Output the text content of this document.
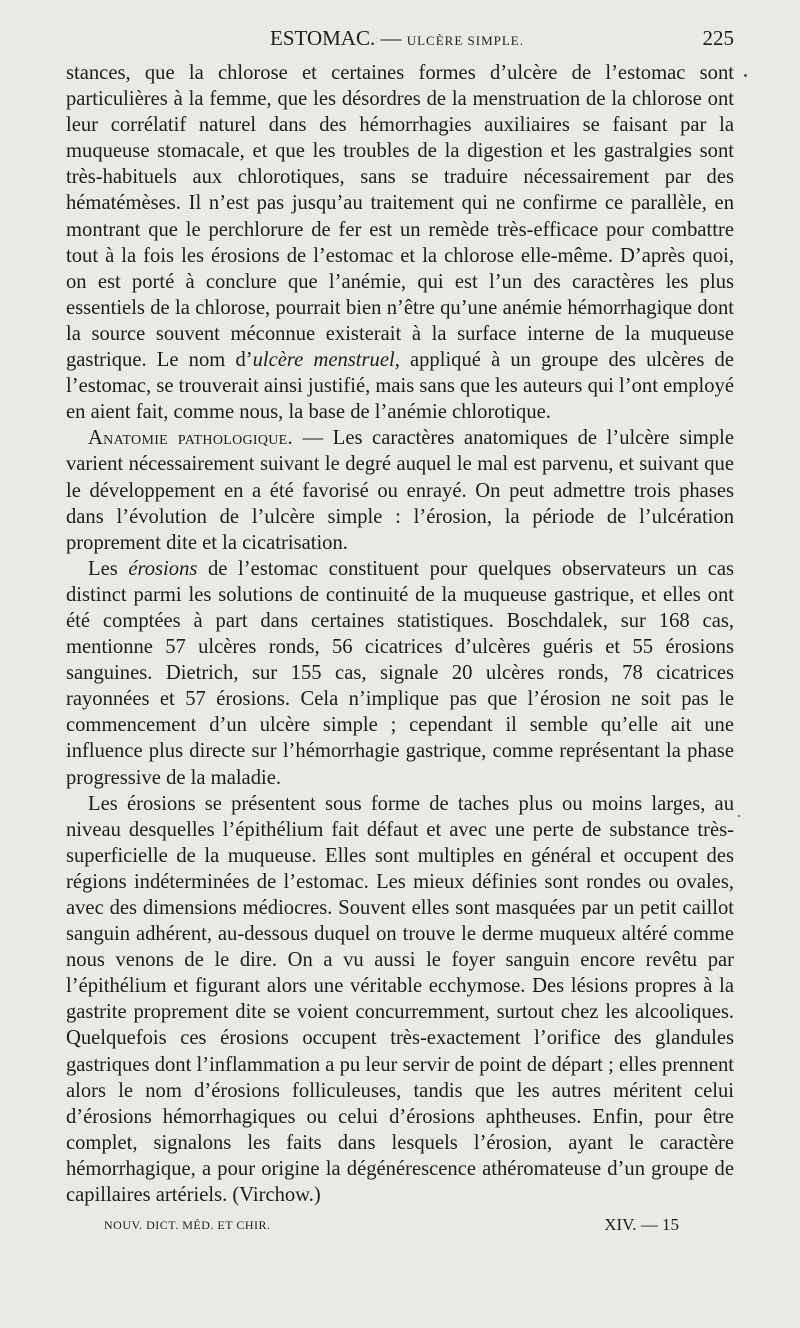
ESTOMAC. — ULCÈRE SIMPLE.	225

stances, que la chlorose et certaines formes d’ulcère de l’estomac sont particulières à la femme, que les désordres de la menstruation de la chlorose ont leur corrélatif naturel dans des hémorrhagies auxiliaires se faisant par la muqueuse stomacale, et que les troubles de la digestion et les gastralgies sont très-habituels aux chlorotiques, sans se traduire nécessairement par des hématémèses. Il n’est pas jusqu’au traitement qui ne confirme ce parallèle, en montrant que le perchlorure de fer est un remède très-efficace pour combattre tout à la fois les érosions de l’estomac et la chlorose elle-même. D’après quoi, on est porté à conclure que l’anémie, qui est l’un des caractères les plus essentiels de la chlorose, pourrait bien n’être qu’une anémie hémorrhagique dont la source souvent méconnue existerait à la surface interne de la muqueuse gastrique. Le nom d’ulcère menstruel, appliqué à un groupe des ulcères de l’estomac, se trouverait ainsi justifié, mais sans que les auteurs qui l’ont employé en aient fait, comme nous, la base de l’anémie chlorotique.

Anatomie pathologique. — Les caractères anatomiques de l’ulcère simple varient nécessairement suivant le degré auquel le mal est parvenu, et suivant que le développement en a été favorisé ou enrayé. On peut admettre trois phases dans l’évolution de l’ulcère simple : l’érosion, la période de l’ulcération proprement dite et la cicatrisation.

Les érosions de l’estomac constituent pour quelques observateurs un cas distinct parmi les solutions de continuité de la muqueuse gastrique, et elles ont été comptées à part dans certaines statistiques. Boschdalek, sur 168 cas, mentionne 57 ulcères ronds, 56 cicatrices d’ulcères guéris et 55 érosions sanguines. Dietrich, sur 155 cas, signale 20 ulcères ronds, 78 cicatrices rayonnées et 57 érosions. Cela n’implique pas que l’érosion ne soit pas le commencement d’un ulcère simple ; cependant il semble qu’elle ait une influence plus directe sur l’hémorrhagie gastrique, comme représentant la phase progressive de la maladie.

Les érosions se présentent sous forme de taches plus ou moins larges, au niveau desquelles l’épithélium fait défaut et avec une perte de substance très-superficielle de la muqueuse. Elles sont multiples en général et occupent des régions indéterminées de l’estomac. Les mieux définies sont rondes ou ovales, avec des dimensions médiocres. Souvent elles sont masquées par un petit caillot sanguin adhérent, au-dessous duquel on trouve le derme muqueux altéré comme nous venons de le dire. On a vu aussi le foyer sanguin encore revêtu par l’épithélium et figurant alors une véritable ecchymose. Des lésions propres à la gastrite proprement dite se voient concurremment, surtout chez les alcooliques. Quelquefois ces érosions occupent très-exactement l’orifice des glandules gastriques dont l’inflammation a pu leur servir de point de départ ; elles prennent alors le nom d’érosions folliculeuses, tandis que les autres méritent celui d’érosions hémorrhagiques ou celui d’érosions aphtheuses. Enfin, pour être complet, signalons les faits dans lesquels l’érosion, ayant le caractère hémorrhagique, a pour origine la dégénérescence athéromateuse d’un groupe de capillaires artériels. (Virchow.)

NOUV. DICT. MÉD. ET CHIR.	XIV. — 15
